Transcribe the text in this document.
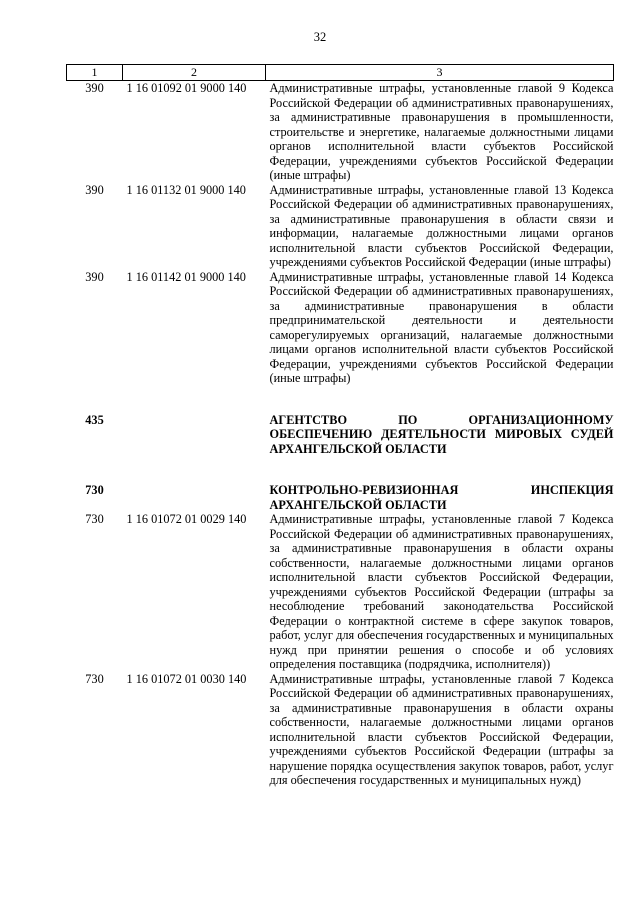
32
1	2	3
390	1 16 01092 01 9000 140	Административные штрафы, установленные главой 9 Кодекса Российской Федерации об административных правонарушениях, за административные правонарушения в промышленности, строительстве и энергетике, налагаемые должностными лицами органов исполнительной власти субъектов Российской Федерации, учреждениями субъектов Российской Федерации (иные штрафы)
390	1 16 01132 01 9000 140	Административные штрафы, установленные главой 13 Кодекса Российской Федерации об административных правонарушениях, за административные правонарушения в области связи и информации, налагаемые должностными лицами органов исполнительной власти субъектов Российской Федерации, учреждениями субъектов Российской Федерации (иные штрафы)
390	1 16 01142 01 9000 140	Административные штрафы, установленные главой 14 Кодекса Российской Федерации об административных правонарушениях, за административные правонарушения в области предпринимательской деятельности и деятельности саморегулируемых организаций, налагаемые должностными лицами органов исполнительной власти субъектов Российской Федерации, учреждениями субъектов Российской Федерации (иные штрафы)
435		АГЕНТСТВО ПО ОРГАНИЗАЦИОННОМУ ОБЕСПЕЧЕНИЮ ДЕЯТЕЛЬНОСТИ МИРОВЫХ СУДЕЙ АРХАНГЕЛЬСКОЙ ОБЛАСТИ
730		КОНТРОЛЬНО-РЕВИЗИОННАЯ ИНСПЕКЦИЯ АРХАНГЕЛЬСКОЙ ОБЛАСТИ
730	1 16 01072 01 0029 140	Административные штрафы, установленные главой 7 Кодекса Российской Федерации об административных правонарушениях, за административные правонарушения в области охраны собственности, налагаемые должностными лицами органов исполнительной власти субъектов Российской Федерации, учреждениями субъектов Российской Федерации (штрафы за несоблюдение требований законодательства Российской Федерации о контрактной системе в сфере закупок товаров, работ, услуг для обеспечения государственных и муниципальных нужд при принятии решения о способе и об условиях определения поставщика (подрядчика, исполнителя))
730	1 16 01072 01 0030 140	Административные штрафы, установленные главой 7 Кодекса Российской Федерации об административных правонарушениях, за административные правонарушения в области охраны собственности, налагаемые должностными лицами органов исполнительной власти субъектов Российской Федерации, учреждениями субъектов Российской Федерации (штрафы за нарушение порядка осуществления закупок товаров, работ, услуг для обеспечения государственных и муниципальных нужд)
